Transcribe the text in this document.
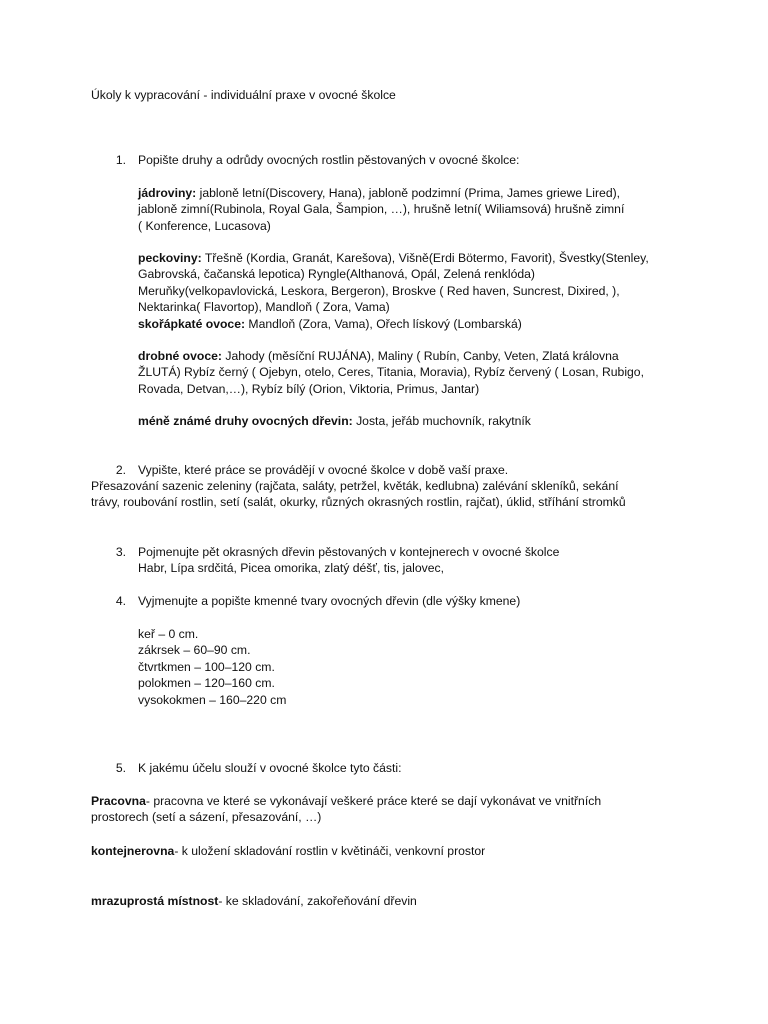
Úkoly k vypracování - individuální praxe v ovocné školce
1. Popište druhy a odrůdy ovocných rostlin pěstovaných v ovocné školce:
jádroviny: jabloně letní(Discovery, Hana), jabloně podzimní (Prima, James griewe Lired),
jabloně zimní(Rubinola, Royal Gala, Šampion, …), hrušně letní( Wiliamsová) hrušně zimní
( Konference, Lucasova)
peckoviny: Třešně (Kordia, Granát, Karešova), Višně(Erdi Bötermo, Favorit), Švestky(Stenley,
Gabrovská, čačanská lepotica) Ryngle(Althanová, Opál, Zelená renklóda)
Meruňky(velkopavlovická, Leskora, Bergeron), Broskve ( Red haven, Suncrest, Dixired, ),
Nektarinka( Flavortop), Mandloň ( Zora, Vama)
skořápkaté ovoce: Mandloň (Zora, Vama), Ořech lískový (Lombarská)
drobné ovoce: Jahody (měsíční RUJÁNA), Maliny ( Rubín, Canby, Veten, Zlatá královna
ŽLUTÁ) Rybíz černý ( Ojebyn, otelo, Ceres, Titania, Moravia), Rybíz červený ( Losan, Rubigo,
Rovada, Detvan,…), Rybíz bílý (Orion, Viktoria, Primus, Jantar)
méně známé druhy ovocných dřevin: Josta, jeřáb muchovník, rakytník
2. Vypište, které práce se provádějí v ovocné školce v době vaší praxe.
Přesazování sazenic zeleniny (rajčata, saláty, petržel, květák, kedlubna) zalévání skleníků, sekání
trávy, roubování rostlin, setí (salát, okurky, různých okrasných rostlin, rajčat), úklid, stříhání stromků
3. Pojmenujte pět okrasných dřevin pěstovaných v kontejnerech v ovocné školce
Habr, Lípa srdčitá, Picea omorika, zlatý déšť, tis, jalovec,
4. Vyjmenujte a popište kmenné tvary ovocných dřevin (dle výšky kmene)
keř – 0 cm.
zákrsek – 60–90 cm.
čtvrtkmen – 100–120 cm.
polokmen – 120–160 cm.
vysokokmen – 160–220 cm
5. K jakému účelu slouží v ovocné školce tyto části:
Pracovna- pracovna ve které se vykonávají veškeré práce které se dají vykonávat ve vnitřních
prostorech (setí a sázení, přesazování, …)
kontejnerovna- k uložení skladování rostlin v květináči, venkovní prostor
mrazuprostá místnost- ke skladování, zakořeňování dřevin
